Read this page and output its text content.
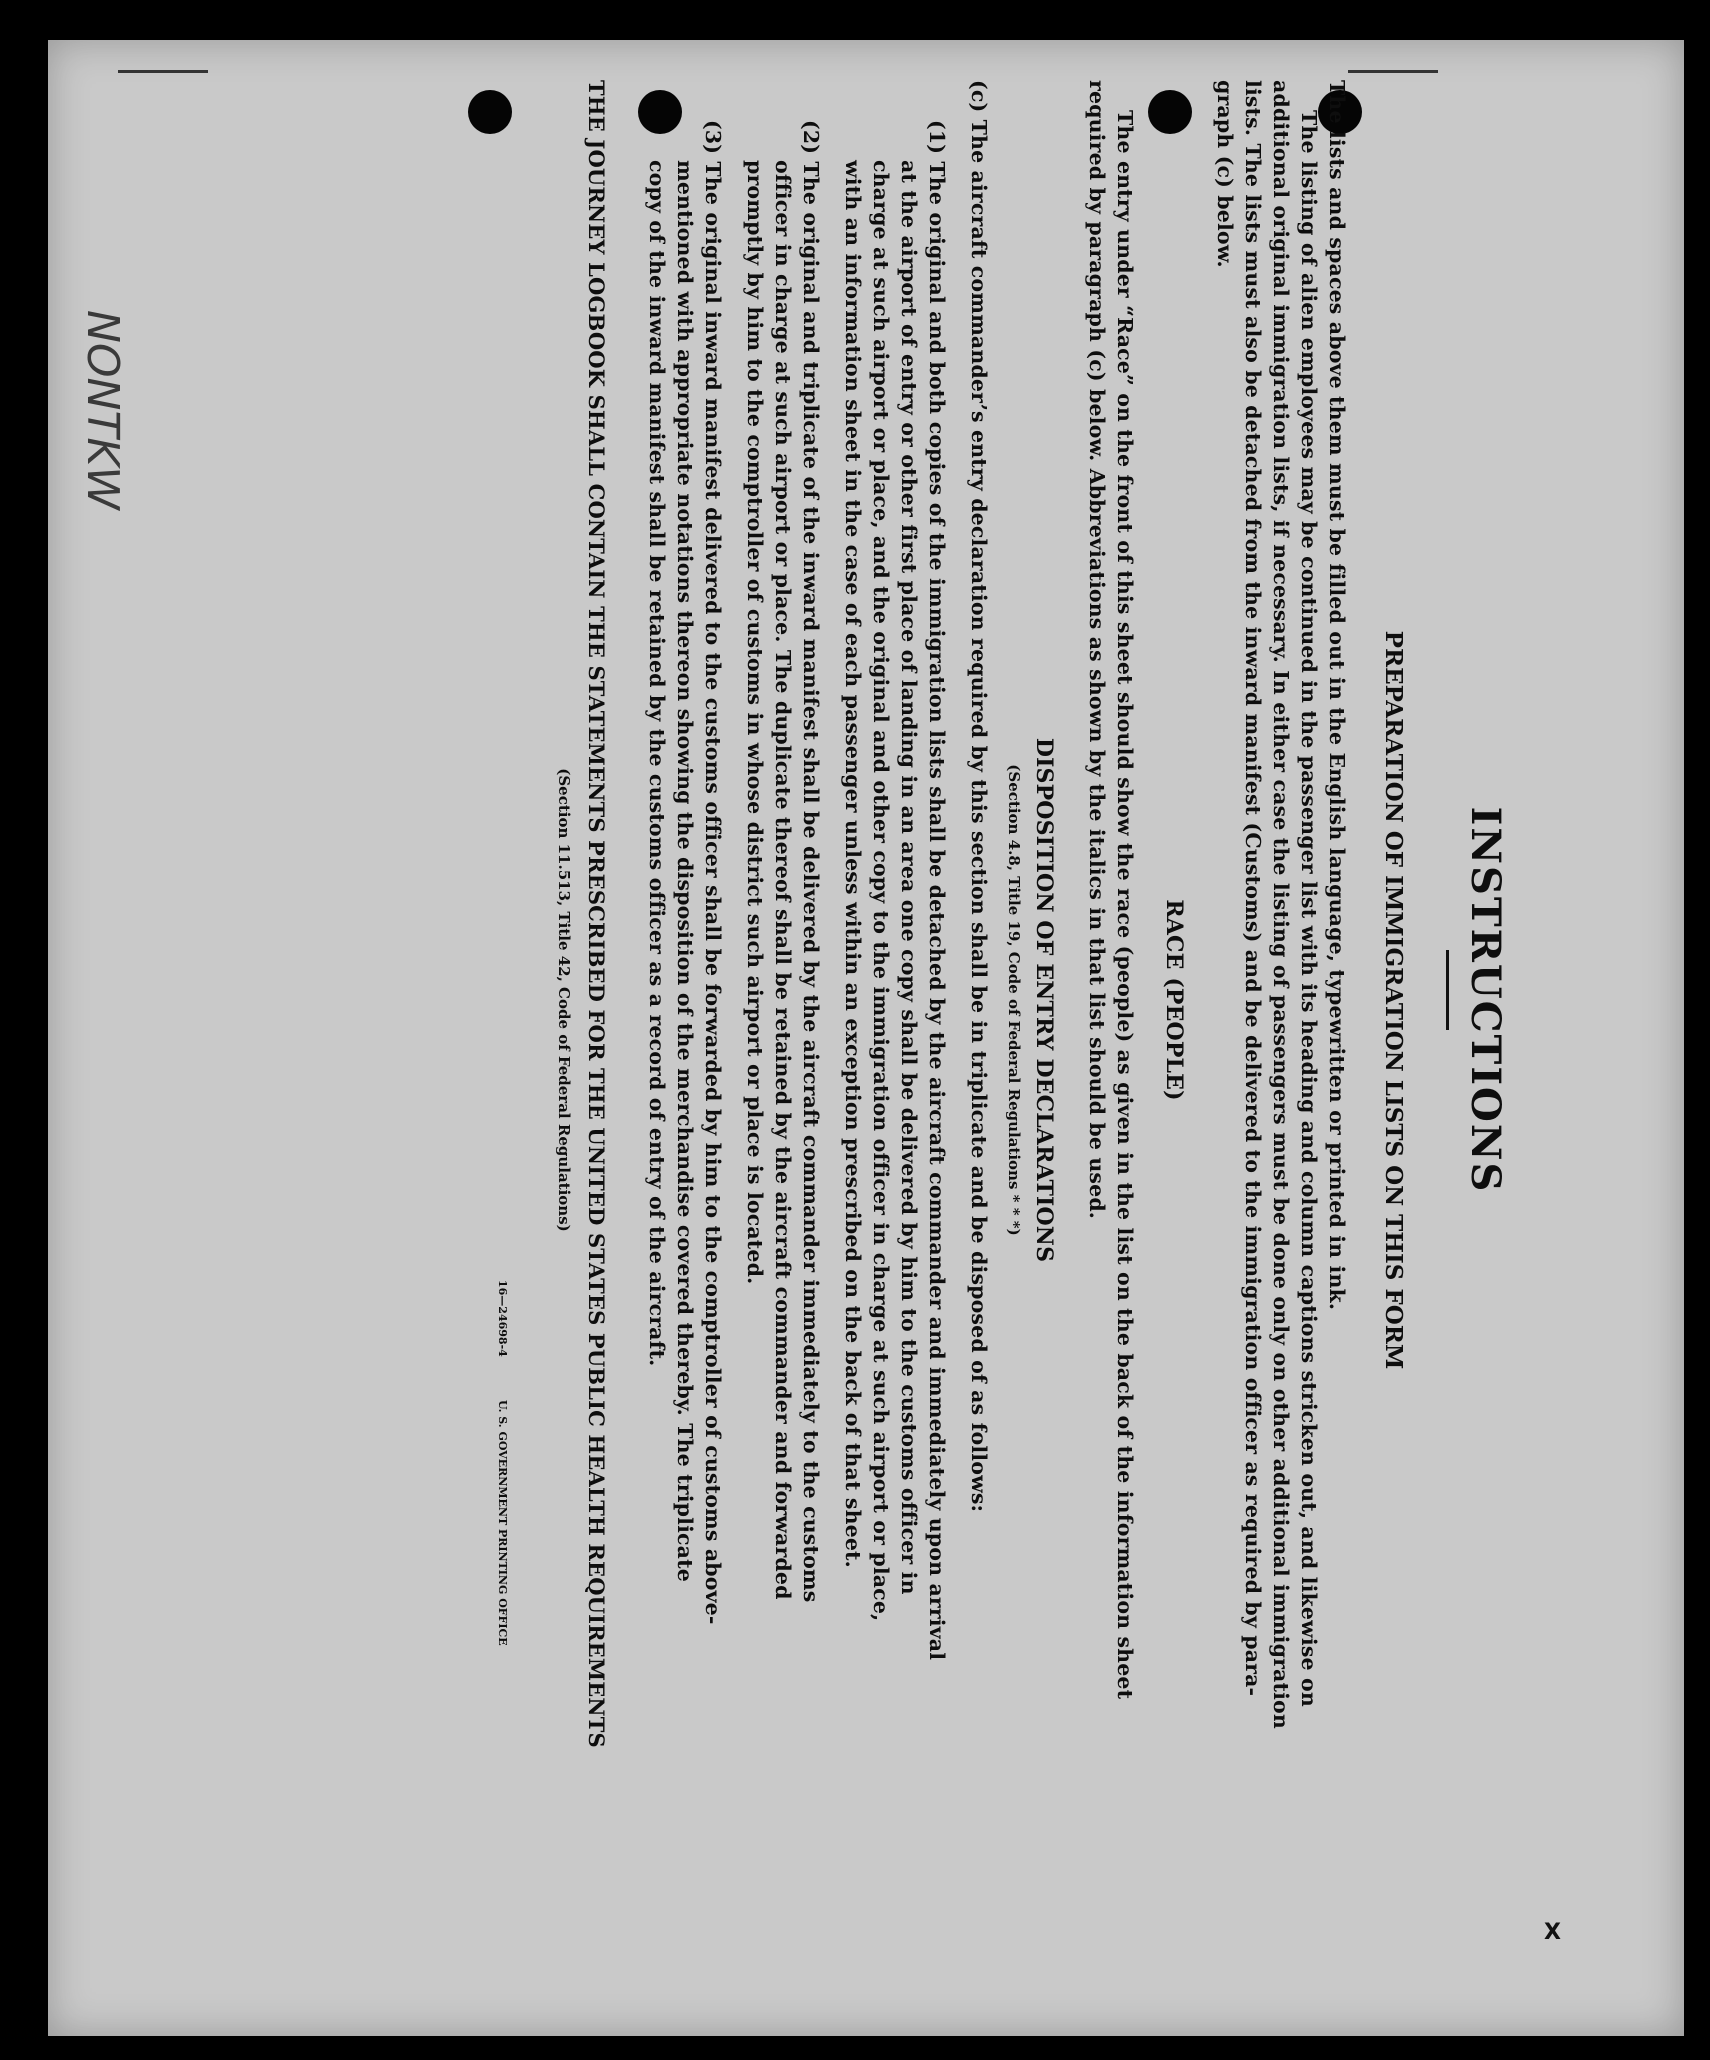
NONTKW
X
INSTRUCTIONS
PREPARATION OF IMMIGRATION LISTS ON THIS FORM
The lists and spaces above them must be filled out in the English language, typewritten or printed in ink.
The listing of alien employees may be continued in the passenger list with its heading and column captions stricken out, and likewise on
additional original immigration lists, if necessary. In either case the listing of passengers must be done only on other additional immigration
lists. The lists must also be detached from the inward manifest (Customs) and be delivered to the immigration officer as required by para-
graph (c) below.
RACE (PEOPLE)
The entry under “Race” on the front of this sheet should show the race (people) as given in the list on the back of the information sheet
required by paragraph (c) below. Abbreviations as shown by the italics in that list should be used.
DISPOSITION OF ENTRY DECLARATIONS
(Section 4.8, Title 19, Code of Federal Regulations * * *)
(c) The aircraft commander’s entry declaration required by this section shall be in triplicate and be disposed of as follows:
(1) The original and both copies of the immigration lists shall be detached by the aircraft commander and immediately upon arrival
at the airport of entry or other first place of landing in an area one copy shall be delivered by him to the customs officer in
charge at such airport or place, and the original and other copy to the immigration officer in charge at such airport or place,
with an information sheet in the case of each passenger unless within an exception prescribed on the back of that sheet.
(2) The original and triplicate of the inward manifest shall be delivered by the aircraft commander immediately to the customs
officer in charge at such airport or place. The duplicate thereof shall be retained by the aircraft commander and forwarded
promptly by him to the comptroller of customs in whose district such airport or place is located.
(3) The original inward manifest delivered to the customs officer shall be forwarded by him to the comptroller of customs above-
mentioned with appropriate notations thereon showing the disposition of the merchandise covered thereby. The triplicate
copy of the inward manifest shall be retained by the customs officer as a record of entry of the aircraft.
THE JOURNEY LOGBOOK SHALL CONTAIN THE STATEMENTS PRESCRIBED FOR THE UNITED STATES PUBLIC HEALTH REQUIREMENTS
(Section 11.513, Title 42, Code of Federal Regulations)
16—24698-4
U. S. GOVERNMENT PRINTING OFFICE
